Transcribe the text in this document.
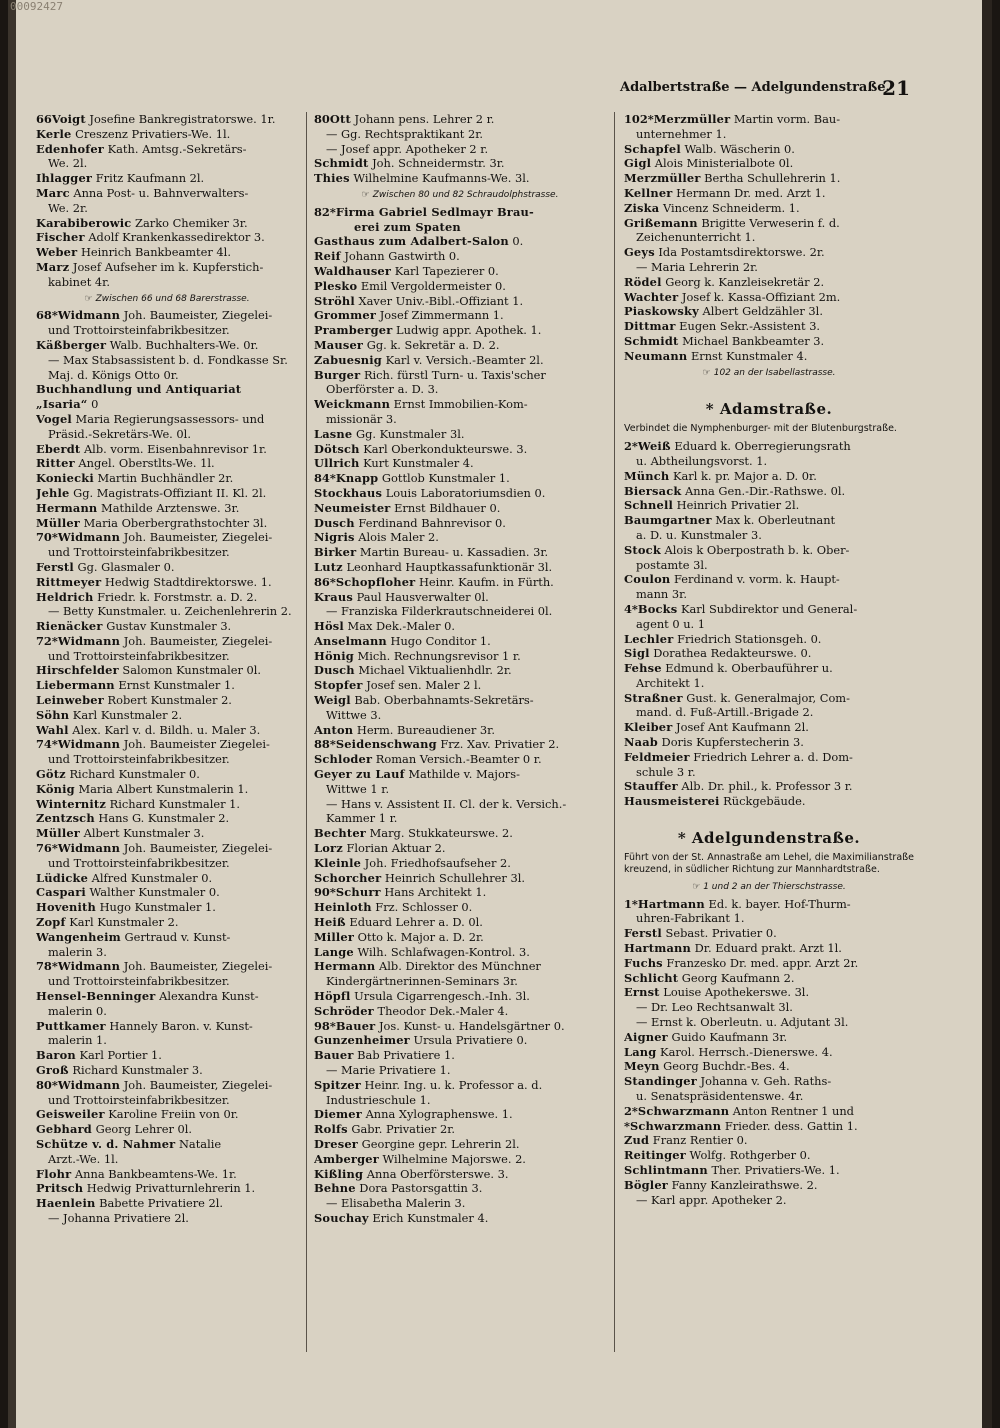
00092427
Adalbertstraße — Adelgundenstraße.
21
66Voigt Josefine Bankregistratorswe. 1r.
Kerle Creszenz Privatiers-We. 1l.
Edenhofer Kath. Amtsg.-Sekretärs-
We. 2l.
Ihlagger Fritz Kaufmann 2l.
Marc Anna Post- u. Bahnverwalters-
We. 2r.
Karabiberowic Zarko Chemiker 3r.
Fischer Adolf Krankenkassedirektor 3.
Weber Heinrich Bankbeamter 4l.
Marz Josef Aufseher im k. Kupferstich-
kabinet 4r.
☞ Zwischen 66 und 68 Barerstrasse.
68*Widmann Joh. Baumeister, Ziegelei-
und Trottoirsteinfabrikbesitzer.
Käßberger Walb. Buchhalters-We. 0r.
— Max Stabsassistent b. d. Fondkasse Sr.
Maj. d. Königs Otto 0r.
Buchhandlung und Antiquariat
„Isaria“ 0
Vogel Maria Regierungsassessors- und
Präsid.-Sekretärs-We. 0l.
Eberdt Alb. vorm. Eisenbahnrevisor 1r.
Ritter Angel. Oberstlts-We. 1l.
Koniecki Martin Buchhändler 2r.
Jehle Gg. Magistrats-Offiziant II. Kl. 2l.
Hermann Mathilde Arztenswe. 3r.
Müller Maria Oberbergrathstochter 3l.
70*Widmann Joh. Baumeister, Ziegelei-
und Trottoirsteinfabrikbesitzer.
Ferstl Gg. Glasmaler 0.
Rittmeyer Hedwig Stadtdirektorswe. 1.
Heldrich Friedr. k. Forstmstr. a. D. 2.
— Betty Kunstmaler. u. Zeichenlehrerin 2.
Rienäcker Gustav Kunstmaler 3.
72*Widmann Joh. Baumeister, Ziegelei-
und Trottoirsteinfabrikbesitzer.
Hirschfelder Salomon Kunstmaler 0l.
Liebermann Ernst Kunstmaler 1.
Leinweber Robert Kunstmaler 2.
Söhn Karl Kunstmaler 2.
Wahl Alex. Karl v. d. Bildh. u. Maler 3.
74*Widmann Joh. Baumeister Ziegelei-
und Trottoirsteinfabrikbesitzer.
Götz Richard Kunstmaler 0.
König Maria Albert Kunstmalerin 1.
Winternitz Richard Kunstmaler 1.
Zentzsch Hans G. Kunstmaler 2.
Müller Albert Kunstmaler 3.
76*Widmann Joh. Baumeister, Ziegelei-
und Trottoirsteinfabrikbesitzer.
Lüdicke Alfred Kunstmaler 0.
Caspari Walther Kunstmaler 0.
Hovenith Hugo Kunstmaler 1.
Zopf Karl Kunstmaler 2.
Wangenheim Gertraud v. Kunst-
malerin 3.
78*Widmann Joh. Baumeister, Ziegelei-
und Trottoirsteinfabrikbesitzer.
Hensel-Benninger Alexandra Kunst-
malerin 0.
Puttkamer Hannely Baron. v. Kunst-
malerin 1.
Baron Karl Portier 1.
Groß Richard Kunstmaler 3.
80*Widmann Joh. Baumeister, Ziegelei-
und Trottoirsteinfabrikbesitzer.
Geisweiler Karoline Freiin von 0r.
Gebhard Georg Lehrer 0l.
Schütze v. d. Nahmer Natalie
Arzt.-We. 1l.
Flohr Anna Bankbeamtens-We. 1r.
Pritsch Hedwig Privatturnlehrerin 1.
Haenlein Babette Privatiere 2l.
— Johanna Privatiere 2l.
80Ott Johann pens. Lehrer 2 r.
— Gg. Rechtspraktikant 2r.
— Josef appr. Apotheker 2 r.
Schmidt Joh. Schneidermstr. 3r.
Thies Wilhelmine Kaufmanns-We. 3l.
☞ Zwischen 80 und 82 Schraudolphstrasse.
82*Firma Gabriel Sedlmayr Brau-
erei zum Spaten
Gasthaus zum Adalbert-Salon 0.
Reif Johann Gastwirth 0.
Waldhauser Karl Tapezierer 0.
Plesko Emil Vergoldermeister 0.
Ströhl Xaver Univ.-Bibl.-Offiziant 1.
Grommer Josef Zimmermann 1.
Pramberger Ludwig appr. Apothek. 1.
Mauser Gg. k. Sekretär a. D. 2.
Zabuesnig Karl v. Versich.-Beamter 2l.
Burger Rich. fürstl Turn- u. Taxis'scher
Oberförster a. D. 3.
Weickmann Ernst Immobilien-Kom-
missionär 3.
Lasne Gg. Kunstmaler 3l.
Dötsch Karl Oberkondukteurswe. 3.
Ullrich Kurt Kunstmaler 4.
84*Knapp Gottlob Kunstmaler 1.
Stockhaus Louis Laboratoriumsdien 0.
Neumeister Ernst Bildhauer 0.
Dusch Ferdinand Bahnrevisor 0.
Nigris Alois Maler 2.
Birker Martin Bureau- u. Kassadien. 3r.
Lutz Leonhard Hauptkassafunktionär 3l.
86*Schopfloher Heinr. Kaufm. in Fürth.
Kraus Paul Hausverwalter 0l.
— Franziska Filderkrautschneiderei 0l.
Hösl Max Dek.-Maler 0.
Anselmann Hugo Conditor 1.
Hönig Mich. Rechnungsrevisor 1 r.
Dusch Michael Viktualienhdlr. 2r.
Stopfer Josef sen. Maler 2 l.
Weigl Bab. Oberbahnamts-Sekretärs-
Wittwe 3.
Anton Herm. Bureaudiener 3r.
88*Seidenschwang Frz. Xav. Privatier 2.
Schloder Roman Versich.-Beamter 0 r.
Geyer zu Lauf Mathilde v. Majors-
Wittwe 1 r.
— Hans v. Assistent II. Cl. der k. Versich.-
Kammer 1 r.
Bechter Marg. Stukkateurswe. 2.
Lorz Florian Aktuar 2.
Kleinle Joh. Friedhofsaufseher 2.
Schorcher Heinrich Schullehrer 3l.
90*Schurr Hans Architekt 1.
Heinloth Frz. Schlosser 0.
Heiß Eduard Lehrer a. D. 0l.
Miller Otto k. Major a. D. 2r.
Lange Wilh. Schlafwagen-Kontrol. 3.
Hermann Alb. Direktor des Münchner
Kindergärtnerinnen-Seminars 3r.
Höpfl Ursula Cigarrengesch.-Inh. 3l.
Schröder Theodor Dek.-Maler 4.
98*Bauer Jos. Kunst- u. Handelsgärtner 0.
Gunzenheimer Ursula Privatiere 0.
Bauer Bab Privatiere 1.
— Marie Privatiere 1.
Spitzer Heinr. Ing. u. k. Professor a. d.
Industrieschule 1.
Diemer Anna Xylographenswe. 1.
Rolfs Gabr. Privatier 2r.
Dreser Georgine gepr. Lehrerin 2l.
Amberger Wilhelmine Majorswe. 2.
Kißling Anna Oberförsterswe. 3.
Behne Dora Pastorsgattin 3.
— Elisabetha Malerin 3.
Souchay Erich Kunstmaler 4.
102*Merzmüller Martin vorm. Bau-
unternehmer 1.
Schapfel Walb. Wäscherin 0.
Gigl Alois Ministerialbote 0l.
Merzmüller Bertha Schullehrerin 1.
Kellner Hermann Dr. med. Arzt 1.
Ziska Vincenz Schneiderm. 1.
Grißemann Brigitte Verweserin f. d.
Zeichenunterricht 1.
Geys Ida Postamtsdirektorswe. 2r.
— Maria Lehrerin 2r.
Rödel Georg k. Kanzleisekretär 2.
Wachter Josef k. Kassa-Offiziant 2m.
Piaskowsky Albert Geldzähler 3l.
Dittmar Eugen Sekr.-Assistent 3.
Schmidt Michael Bankbeamter 3.
Neumann Ernst Kunstmaler 4.
☞ 102 an der Isabellastrasse.
* Adamstraße.
Verbindet die Nymphenburger- mit der Blutenburgstraße.
2*Weiß Eduard k. Oberregierungsrath
u. Abtheilungsvorst. 1.
Münch Karl k. pr. Major a. D. 0r.
Biersack Anna Gen.-Dir.-Rathswe. 0l.
Schnell Heinrich Privatier 2l.
Baumgartner Max k. Oberleutnant
a. D. u. Kunstmaler 3.
Stock Alois k Oberpostrath b. k. Ober-
postamte 3l.
Coulon Ferdinand v. vorm. k. Haupt-
mann 3r.
4*Bocks Karl Subdirektor und General-
agent 0 u. 1
Lechler Friedrich Stationsgeh. 0.
Sigl Dorathea Redakteurswe. 0.
Fehse Edmund k. Oberbauführer u.
Architekt 1.
Straßner Gust. k. Generalmajor, Com-
mand. d. Fuß-Artill.-Brigade 2.
Kleiber Josef Ant Kaufmann 2l.
Naab Doris Kupferstecherin 3.
Feldmeier Friedrich Lehrer a. d. Dom-
schule 3 r.
Stauffer Alb. Dr. phil., k. Professor 3 r.
Hausmeisterei Rückgebäude.
* Adelgundenstraße.
Führt von der St. Annastraße am Lehel, die Maximilianstraße kreuzend, in südlicher Richtung zur Mannhardtstraße.
☞ 1 und 2 an der Thierschstrasse.
1*Hartmann Ed. k. bayer. Hof-Thurm-
uhren-Fabrikant 1.
Ferstl Sebast. Privatier 0.
Hartmann Dr. Eduard prakt. Arzt 1l.
Fuchs Franzesko Dr. med. appr. Arzt 2r.
Schlicht Georg Kaufmann 2.
Ernst Louise Apothekerswe. 3l.
— Dr. Leo Rechtsanwalt 3l.
— Ernst k. Oberleutn. u. Adjutant 3l.
Aigner Guido Kaufmann 3r.
Lang Karol. Herrsch.-Dienerswe. 4.
Meyn Georg Buchdr.-Bes. 4.
Standinger Johanna v. Geh. Raths-
u. Senatspräsidentenswe. 4r.
2*Schwarzmann Anton Rentner 1 und
*Schwarzmann Frieder. dess. Gattin 1.
Zud Franz Rentier 0.
Reitinger Wolfg. Rothgerber 0.
Schlintmann Ther. Privatiers-We. 1.
Bögler Fanny Kanzleirathswe. 2.
— Karl appr. Apotheker 2.
